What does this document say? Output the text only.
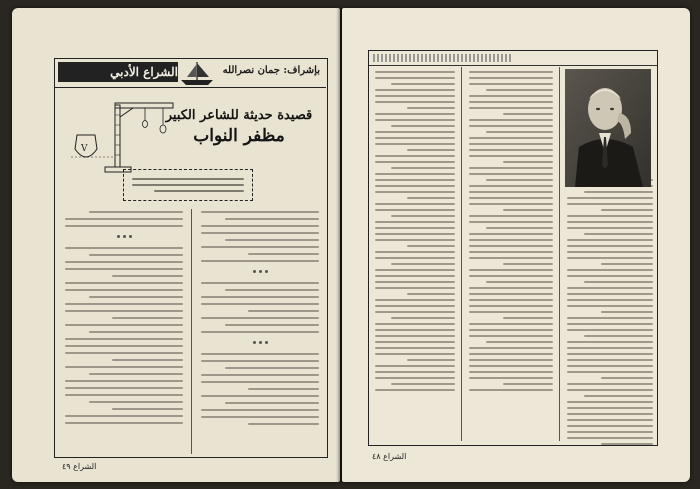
الشراع الأدبي	بإشراف: جمان نصرالله
V
قصيدة حديثة للشاعر الكبير
مظفر النواب
الشراع ٤٩
الشراع ٤٨
